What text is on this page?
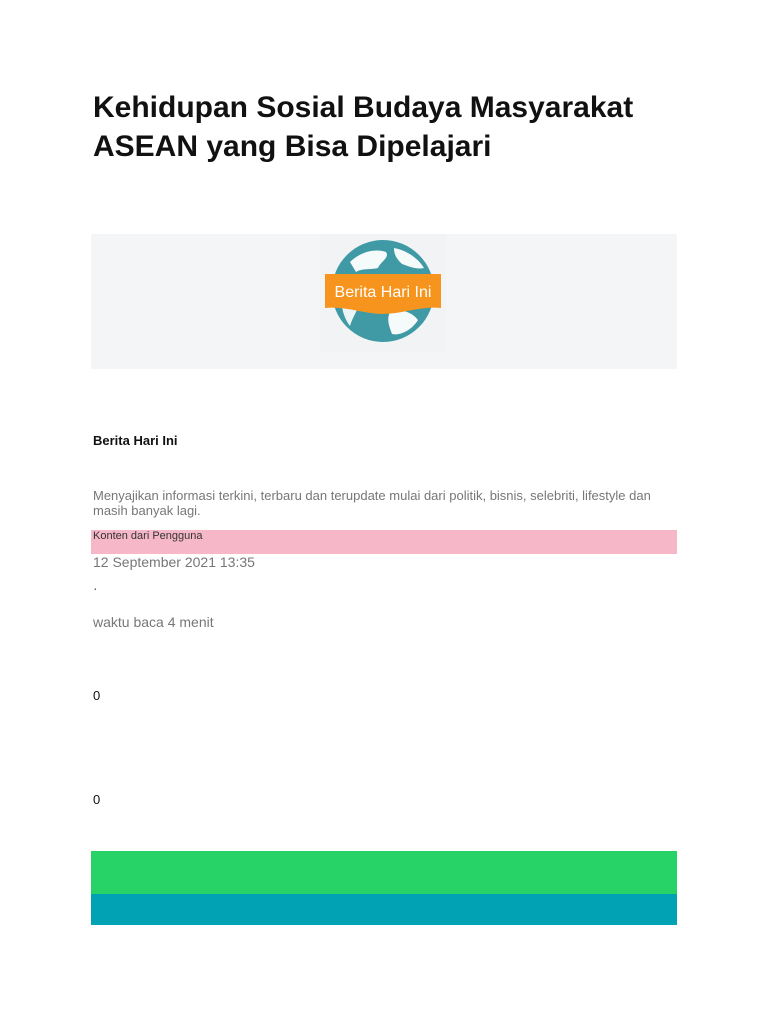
Kehidupan Sosial Budaya Masyarakat ASEAN yang Bisa Dipelajari
Berita Hari Ini
Berita Hari Ini
Menyajikan informasi terkini, terbaru dan terupdate mulai dari politik, bisnis, selebriti, lifestyle dan masih banyak lagi.
Konten dari Pengguna
12 September 2021 13:35
·
waktu baca 4 menit
0
0
